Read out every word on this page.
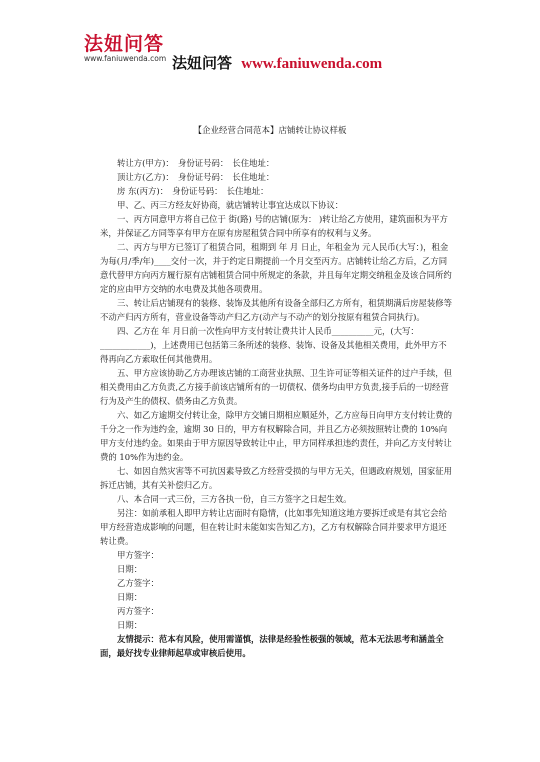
法妞问答
www.faniuwenda.com 法妞问答 www.faniuwenda.com
【企业经营合同范本】店铺转让协议样板

转让方(甲方)：　身份证号码：　长住地址：

顶让方(乙方)：　身份证号码：　长住地址：

房 东(丙方)：　身份证号码：　长住地址：

甲、乙、丙三方经友好协商，就店铺转让事宜达成以下协议：

一、丙方同意甲方将自己位于 街(路) 号的店铺(原为： )转让给乙方使用，建筑面积为平方米，并保证乙方同等享有甲方在原有房屋租赁合同中所享有的权利与义务。

二、丙方与甲方已签订了租赁合同，租期到 年 月 日止，年租金为 元人民币(大写：)，租金为每(月/季/年)____交付一次，并于约定日期提前一个月交至丙方。店铺转让给乙方后，乙方同意代替甲方向丙方履行原有店铺租赁合同中所规定的条款，并且每年定期交纳租金及该合同所约定的应由甲方交纳的水电费及其他各项费用。

三、转让后店铺现有的装修、装饰及其他所有设备全部归乙方所有，租赁期满后房屋装修等不动产归丙方所有，营业设备等动产归乙方(动产与不动产的划分按原有租赁合同执行)。

四、乙方在 年 月日前一次性向甲方支付转让费共计人民币__________元，(大写：____________)，上述费用已包括第三条所述的装修、装饰、设备及其他相关费用，此外甲方不得再向乙方索取任何其他费用。

五、甲方应该协助乙方办理该店铺的工商营业执照、卫生许可证等相关证件的过户手续，但相关费用由乙方负责,乙方接手前该店铺所有的一切债权、债务均由甲方负责,接手后的一切经营行为及产生的债权、债务由乙方负责。

六、如乙方逾期交付转让金，除甲方交铺日期相应顺延外，乙方应每日向甲方支付转让费的千分之一作为违约金，逾期 30 日的，甲方有权解除合同，并且乙方必须按照转让费的 10%向甲方支付违约金。如果由于甲方原因导致转让中止，甲方同样承担违约责任，并向乙方支付转让费的 10%作为违约金。

七、如因自然灾害等不可抗因素导致乙方经营受损的与甲方无关，但遇政府规划，国家征用拆迁店铺，其有关补偿归乙方。

八、本合同一式三份，三方各执一份，自三方签字之日起生效。

另注：如前承租人即甲方转让店面时有隐情，(比如事先知道这地方要拆迁或是有其它会给甲方经营造成影响的问题，但在转让时未能如实告知乙方)，乙方有权解除合同并要求甲方退还转让费。

甲方签字：

日期：

乙方签字：

日期：

丙方签字：

日期：

友情提示：范本有风险，使用需谨慎，法律是经验性极强的领域，范本无法思考和涵盖全面，最好找专业律师起草或审核后使用。
